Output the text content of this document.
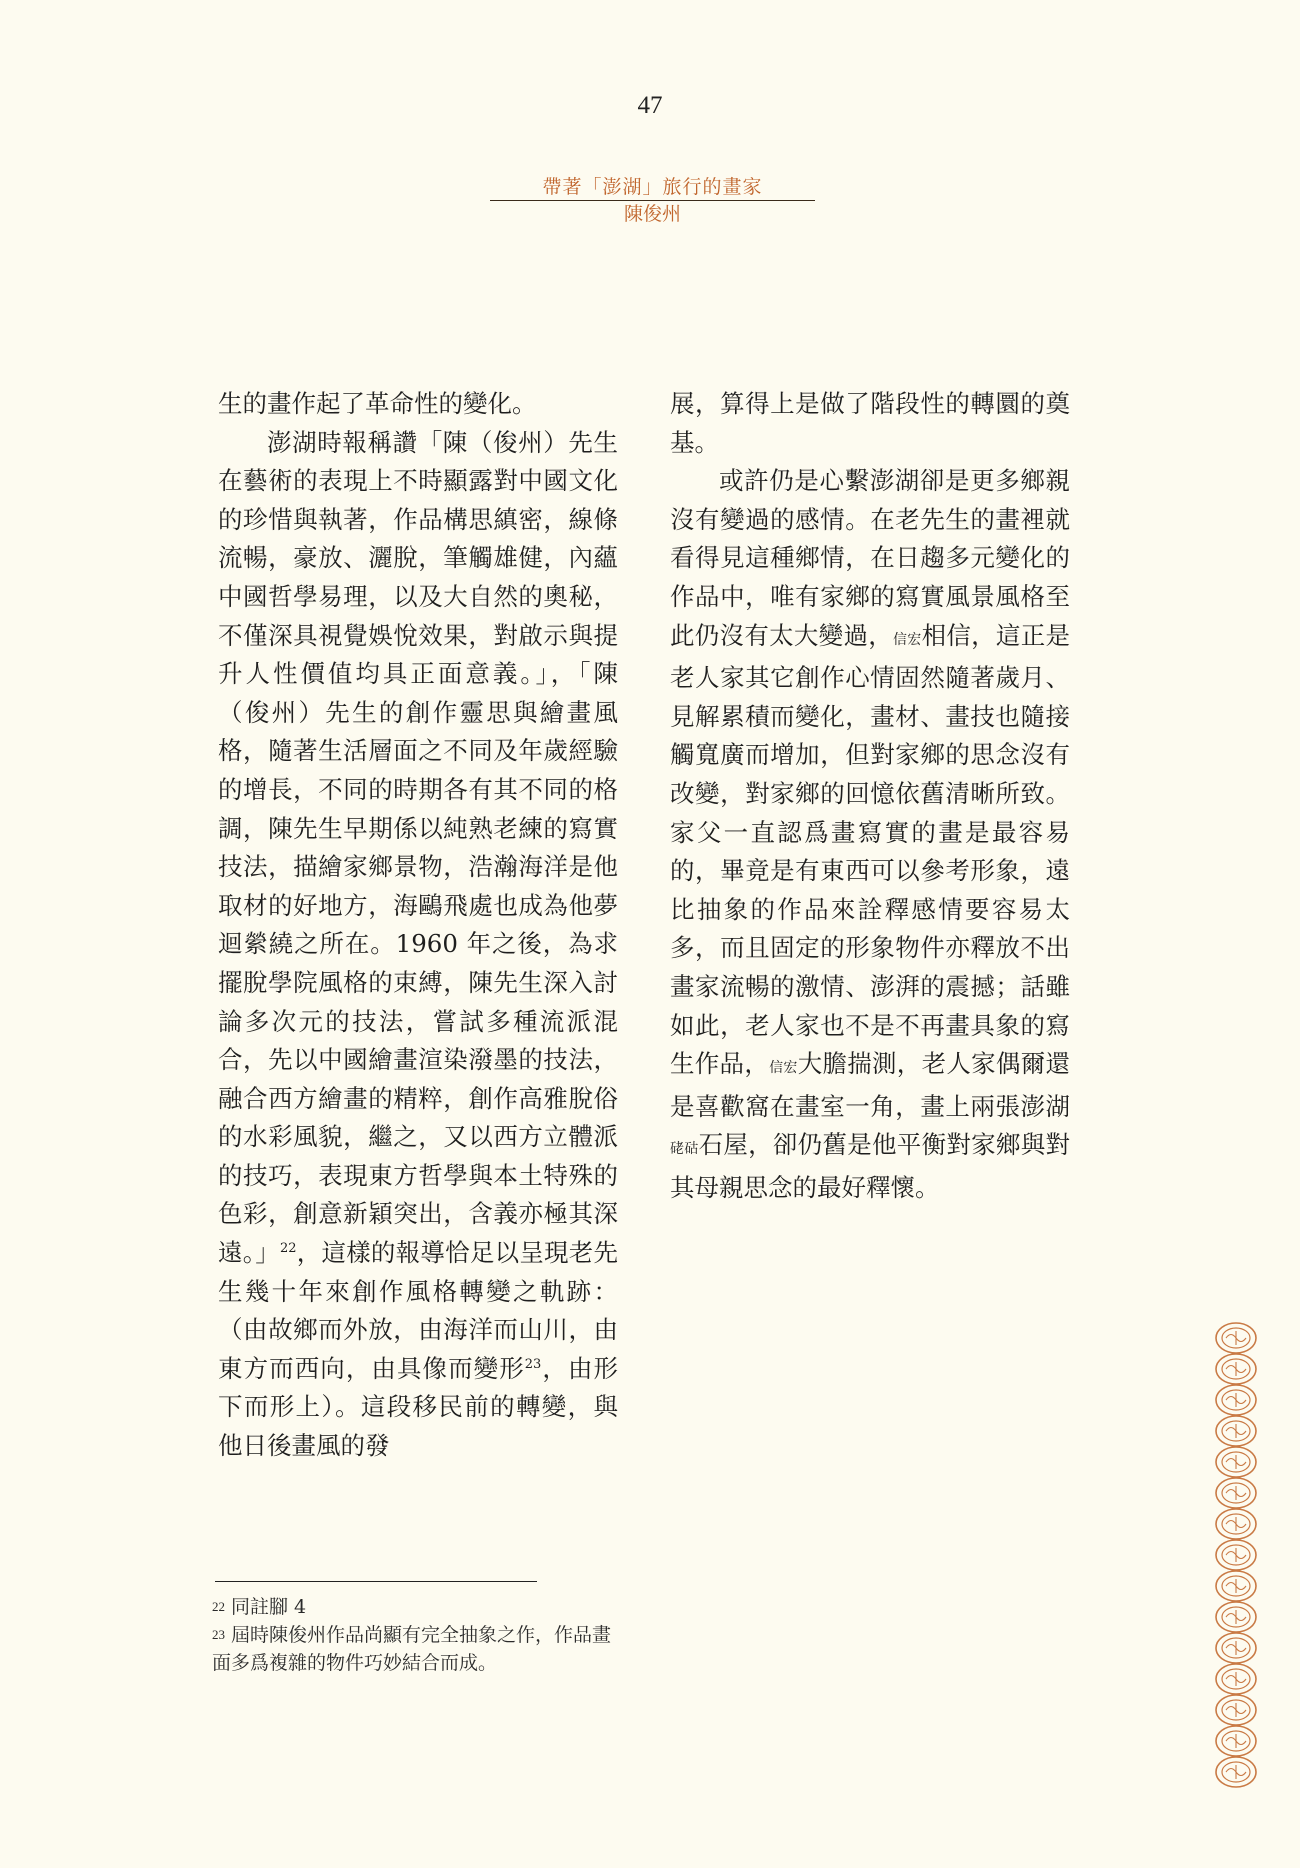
47
帶著「澎湖」旅行的畫家
陳俊州

生的畫作起了革命性的變化。

澎湖時報稱讚「陳（俊州）先生在藝術的表現上不時顯露對中國文化的珍惜與執著，作品構思縝密，線條流暢，豪放、灑脫，筆觸雄健，內蘊中國哲學易理，以及大自然的奧秘，不僅深具視覺娛悅效果，對啟示與提升人性價值均具正面意義。」，「陳（俊州）先生的創作靈思與繪畫風格，隨著生活層面之不同及年歲經驗的增長，不同的時期各有其不同的格調，陳先生早期係以純熟老練的寫實技法，描繪家鄉景物，浩瀚海洋是他取材的好地方，海鷗飛處也成為他夢迴縈繞之所在。1960 年之後，為求擺脫學院風格的束縛，陳先生深入討論多次元的技法，嘗試多種流派混合，先以中國繪畫渲染潑墨的技法，融合西方繪畫的精粹，創作高雅脫俗的水彩風貌，繼之，又以西方立體派的技巧，表現東方哲學與本土特殊的色彩，創意新穎突出，含義亦極其深遠。」$^{22}$，這樣的報導恰足以呈現老先生幾十年來創作風格轉變之軌跡：（由故鄉而外放，由海洋而山川，由東方而西向，由具像而變形$^{23}$，由形下而形上）。這段移民前的轉變，與他日後畫風的發

展，算得上是做了階段性的轉圜的奠基。

或許仍是心繫澎湖卻是更多鄉親沒有變過的感情。在老先生的畫裡就看得見這種鄉情，在日趨多元變化的作品中，唯有家鄉的寫實風景風格至此仍沒有太大變過，信宏相信，這正是老人家其它創作心情固然隨著歲月、見解累積而變化，畫材、畫技也隨接觸寬廣而增加，但對家鄉的思念沒有改變，對家鄉的回憶依舊清晰所致。家父一直認爲畫寫實的畫是最容易的，畢竟是有東西可以參考形象，遠比抽象的作品來詮釋感情要容易太多，而且固定的形象物件亦釋放不出畫家流暢的激情、澎湃的震撼；話雖如此，老人家也不是不再畫具象的寫生作品，信宏大膽揣測，老人家偶爾還是喜歡窩在畫室一角，畫上兩張澎湖硓𥑮石屋，卻仍舊是他平衡對家鄉與對其母親思念的最好釋懷。

$^{22}$ 同註腳 4

$^{23}$ 屆時陳俊州作品尚顯有完全抽象之作，作品畫面多爲複雜的物件巧妙結合而成。
